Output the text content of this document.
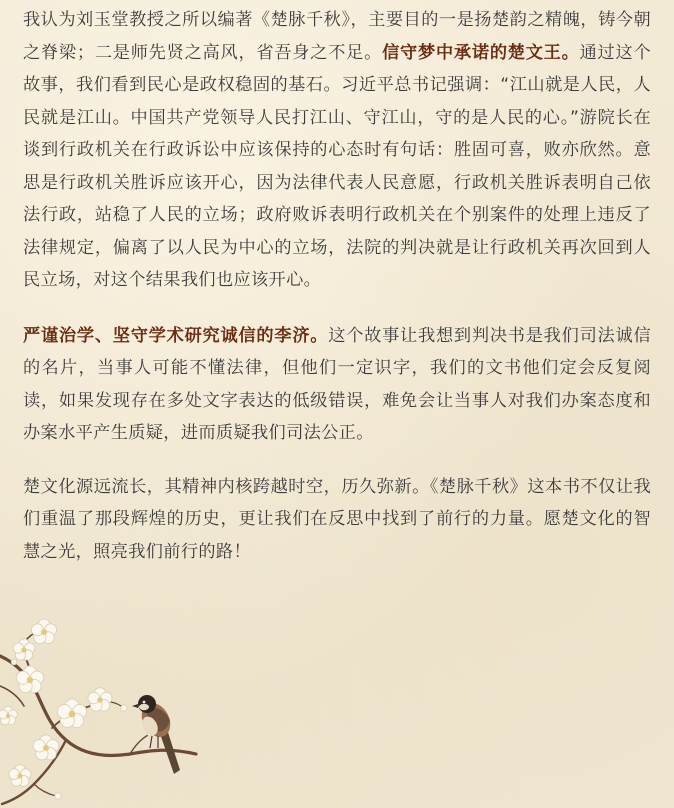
我认为刘玉堂教授之所以编著《楚脉千秋》，主要目的一是扬楚韵之精魄，铸今朝之脊梁；二是师先贤之高风，省吾身之不足。信守梦中承诺的楚文王。通过这个故事，我们看到民心是政权稳固的基石。习近平总书记强调：“江山就是人民，人民就是江山。中国共产党领导人民打江山、守江山，守的是人民的心。”游院长在谈到行政机关在行政诉讼中应该保持的心态时有句话：胜固可喜，败亦欣然。意思是行政机关胜诉应该开心，因为法律代表人民意愿，行政机关胜诉表明自己依法行政，站稳了人民的立场；政府败诉表明行政机关在个别案件的处理上违反了法律规定，偏离了以人民为中心的立场，法院的判决就是让行政机关再次回到人民立场，对这个结果我们也应该开心。

严谨治学、坚守学术研究诚信的李济。这个故事让我想到判决书是我们司法诚信的名片，当事人可能不懂法律，但他们一定识字，我们的文书他们定会反复阅读，如果发现存在多处文字表达的低级错误，难免会让当事人对我们办案态度和办案水平产生质疑，进而质疑我们司法公正。

楚文化源远流长，其精神内核跨越时空，历久弥新。《楚脉千秋》这本书不仅让我们重温了那段辉煌的历史，更让我们在反思中找到了前行的力量。愿楚文化的智慧之光，照亮我们前行的路！
